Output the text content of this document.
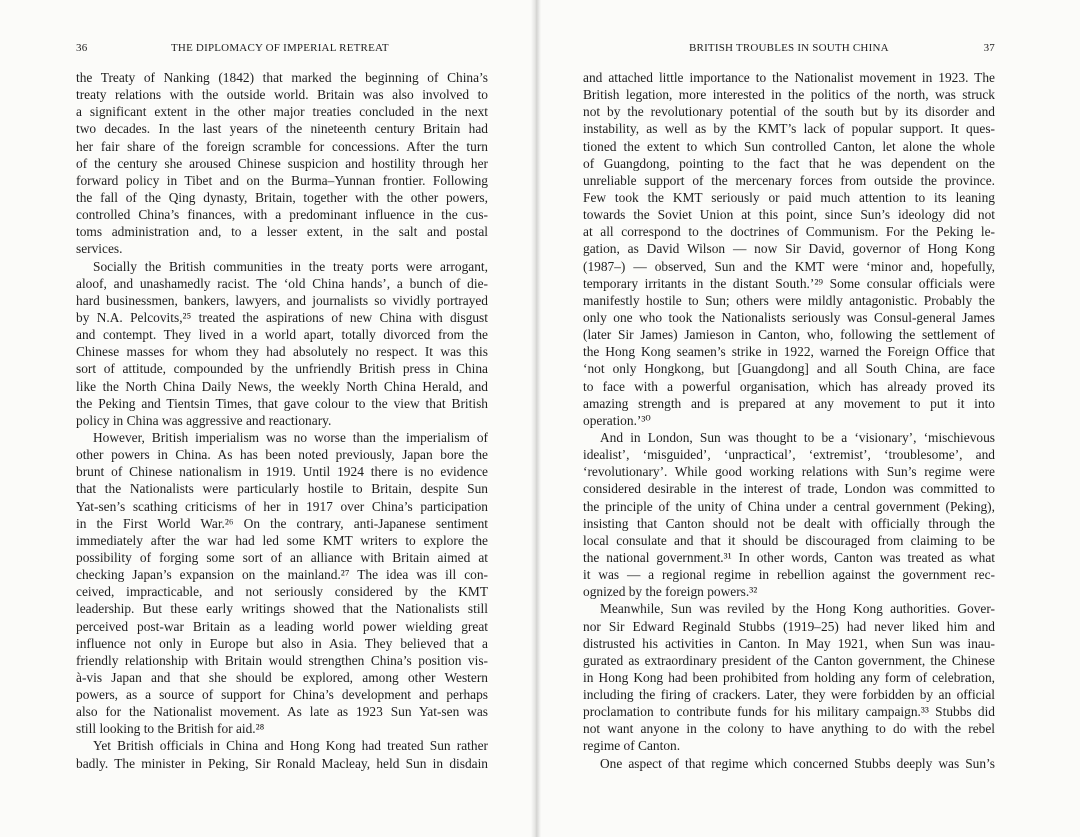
36	THE DIPLOMACY OF IMPERIAL RETREAT
the Treaty of Nanking (1842) that marked the beginning of China’s
treaty relations with the outside world. Britain was also involved to
a significant extent in the other major treaties concluded in the next
two decades. In the last years of the nineteenth century Britain had
her fair share of the foreign scramble for concessions. After the turn
of the century she aroused Chinese suspicion and hostility through her
forward policy in Tibet and on the Burma–Yunnan frontier. Following
the fall of the Qing dynasty, Britain, together with the other powers,
controlled China’s finances, with a predominant influence in the cus-
toms administration and, to a lesser extent, in the salt and postal
services.
Socially the British communities in the treaty ports were arrogant,
aloof, and unashamedly racist. The ‘old China hands’, a bunch of die-
hard businessmen, bankers, lawyers, and journalists so vividly portrayed
by N.A. Pelcovits,²⁵ treated the aspirations of new China with disgust
and contempt. They lived in a world apart, totally divorced from the
Chinese masses for whom they had absolutely no respect. It was this
sort of attitude, compounded by the unfriendly British press in China
like the North China Daily News, the weekly North China Herald, and
the Peking and Tientsin Times, that gave colour to the view that British
policy in China was aggressive and reactionary.
However, British imperialism was no worse than the imperialism of
other powers in China. As has been noted previously, Japan bore the
brunt of Chinese nationalism in 1919. Until 1924 there is no evidence
that the Nationalists were particularly hostile to Britain, despite Sun
Yat-sen’s scathing criticisms of her in 1917 over China’s participation
in the First World War.²⁶ On the contrary, anti-Japanese sentiment
immediately after the war had led some KMT writers to explore the
possibility of forging some sort of an alliance with Britain aimed at
checking Japan’s expansion on the mainland.²⁷ The idea was ill con-
ceived, impracticable, and not seriously considered by the KMT
leadership. But these early writings showed that the Nationalists still
perceived post-war Britain as a leading world power wielding great
influence not only in Europe but also in Asia. They believed that a
friendly relationship with Britain would strengthen China’s position vis-
à-vis Japan and that she should be explored, among other Western
powers, as a source of support for China’s development and perhaps
also for the Nationalist movement. As late as 1923 Sun Yat-sen was
still looking to the British for aid.²⁸
Yet British officials in China and Hong Kong had treated Sun rather
badly. The minister in Peking, Sir Ronald Macleay, held Sun in disdain
37
BRITISH TROUBLES IN SOUTH CHINA
and attached little importance to the Nationalist movement in 1923. The
British legation, more interested in the politics of the north, was struck
not by the revolutionary potential of the south but by its disorder and
instability, as well as by the KMT’s lack of popular support. It ques-
tioned the extent to which Sun controlled Canton, let alone the whole
of Guangdong, pointing to the fact that he was dependent on the
unreliable support of the mercenary forces from outside the province.
Few took the KMT seriously or paid much attention to its leaning
towards the Soviet Union at this point, since Sun’s ideology did not
at all correspond to the doctrines of Communism. For the Peking le-
gation, as David Wilson — now Sir David, governor of Hong Kong
(1987–) — observed, Sun and the KMT were ‘minor and, hopefully,
temporary irritants in the distant South.’²⁹ Some consular officials were
manifestly hostile to Sun; others were mildly antagonistic. Probably the
only one who took the Nationalists seriously was Consul-general James
(later Sir James) Jamieson in Canton, who, following the settlement of
the Hong Kong seamen’s strike in 1922, warned the Foreign Office that
‘not only Hongkong, but [Guangdong] and all South China, are face
to face with a powerful organisation, which has already proved its
amazing strength and is prepared at any movement to put it into
operation.’³⁰
And in London, Sun was thought to be a ‘visionary’, ‘mischievous
idealist’, ‘misguided’, ‘unpractical’, ‘extremist’, ‘troublesome’, and
‘revolutionary’. While good working relations with Sun’s regime were
considered desirable in the interest of trade, London was committed to
the principle of the unity of China under a central government (Peking),
insisting that Canton should not be dealt with officially through the
local consulate and that it should be discouraged from claiming to be
the national government.³¹ In other words, Canton was treated as what
it was — a regional regime in rebellion against the government rec-
ognized by the foreign powers.³²
Meanwhile, Sun was reviled by the Hong Kong authorities. Gover-
nor Sir Edward Reginald Stubbs (1919–25) had never liked him and
distrusted his activities in Canton. In May 1921, when Sun was inau-
gurated as extraordinary president of the Canton government, the Chinese
in Hong Kong had been prohibited from holding any form of celebration,
including the firing of crackers. Later, they were forbidden by an official
proclamation to contribute funds for his military campaign.³³ Stubbs did
not want anyone in the colony to have anything to do with the rebel
regime of Canton.
One aspect of that regime which concerned Stubbs deeply was Sun’s
